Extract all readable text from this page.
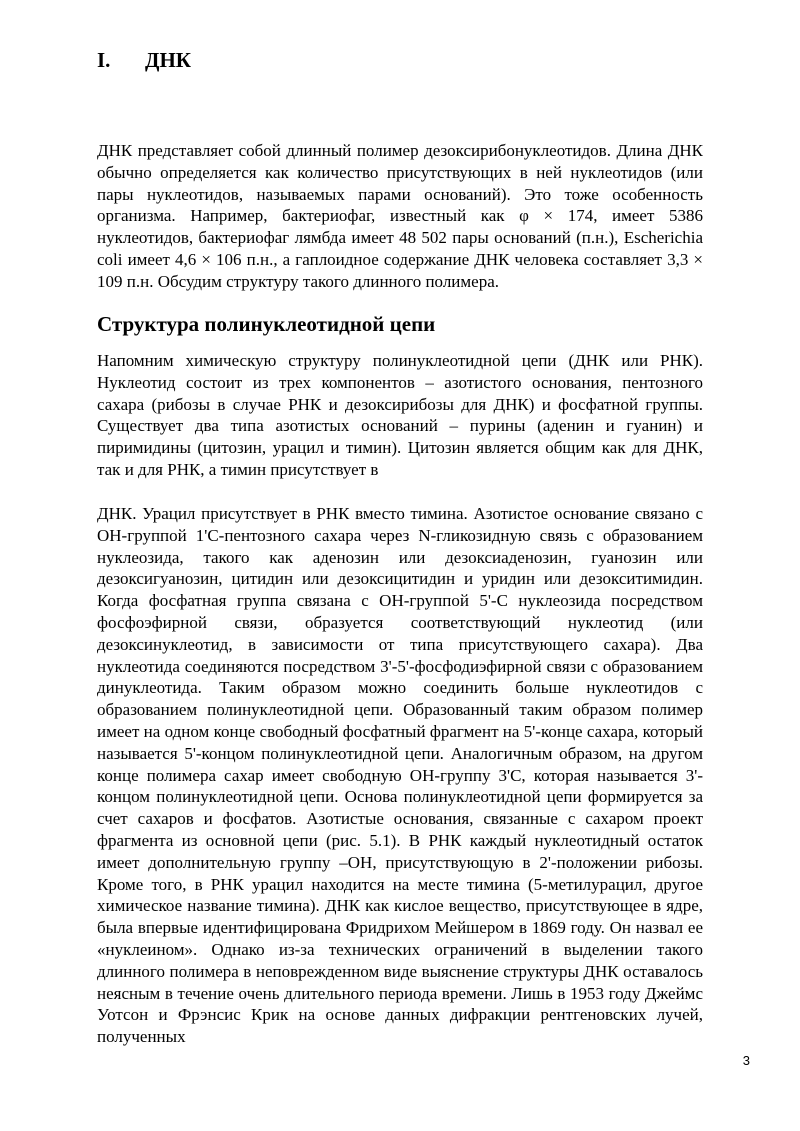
I. ДНК

ДНК представляет собой длинный полимер дезоксирибонуклеотидов. Длина ДНК обычно определяется как количество присутствующих в ней нуклеотидов (или пары нуклеотидов, называемых парами оснований). Это тоже особенность организма. Например, бактериофаг, известный как φ × 174, имеет 5386 нуклеотидов, бактериофаг лямбда имеет 48 502 пары оснований (п.н.), Escherichia coli имеет 4,6 × 106 п.н., а гаплоидное содержание ДНК человека составляет 3,3 × 109 п.н. Обсудим структуру такого длинного полимера.

Структура полинуклеотидной цепи

Напомним химическую структуру полинуклеотидной цепи (ДНК или РНК). Нуклеотид состоит из трех компонентов – азотистого основания, пентозного сахара (рибозы в случае РНК и дезоксирибозы для ДНК) и фосфатной группы. Существует два типа азотистых оснований – пурины (аденин и гуанин) и пиримидины (цитозин, урацил и тимин). Цитозин является общим как для ДНК, так и для РНК, а тимин присутствует в

ДНК. Урацил присутствует в РНК вместо тимина. Азотистое основание связано с ОН-группой 1'С-пентозного сахара через N-гликозидную связь с образованием нуклеозида, такого как аденозин или дезоксиаденозин, гуанозин или дезоксигуанозин, цитидин или дезоксицитидин и уридин или дезокситимидин. Когда фосфатная группа связана с ОН-группой 5'-С нуклеозида посредством фосфоэфирной связи, образуется соответствующий нуклеотид (или дезоксинуклеотид, в зависимости от типа присутствующего сахара). Два нуклеотида соединяются посредством 3'-5'-фосфодиэфирной связи с образованием динуклеотида. Таким образом можно соединить больше нуклеотидов с образованием полинуклеотидной цепи. Образованный таким образом полимер имеет на одном конце свободный фосфатный фрагмент на 5'-конце сахара, который называется 5'-концом полинуклеотидной цепи. Аналогичным образом, на другом конце полимера сахар имеет свободную ОН-группу 3'С, которая называется 3'-концом полинуклеотидной цепи. Основа полинуклеотидной цепи формируется за счет сахаров и фосфатов. Азотистые основания, связанные с сахаром проект фрагмента из основной цепи (рис. 5.1). В РНК каждый нуклеотидный остаток имеет дополнительную группу –ОН, присутствующую в 2'-положении рибозы. Кроме того, в РНК урацил находится на месте тимина (5-метилурацил, другое химическое название тимина). ДНК как кислое вещество, присутствующее в ядре, была впервые идентифицирована Фридрихом Мейшером в 1869 году. Он назвал ее «нуклеином». Однако из-за технических ограничений в выделении такого длинного полимера в неповрежденном виде выяснение структуры ДНК оставалось неясным в течение очень длительного периода времени. Лишь в 1953 году Джеймс Уотсон и Фрэнсис Крик на основе данных дифракции рентгеновских лучей, полученных

3
